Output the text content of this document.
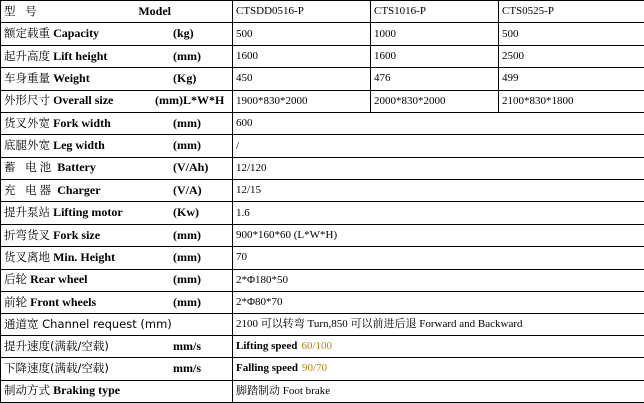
型 号 Model	CTSDD0516-P	CTS1016-P	CTS0525-P

额定载重 Capacity (kg)	500	1000	500

起升高度 Lift height (mm)	1600	1600	2500

车身重量 Weight (Kg)	450	476	499

外形尺寸 Overall size (mm)L*W*H	1900*830*2000	2000*830*2000	2100*830*1800

货叉外宽 Fork width (mm)	600		

底腿外宽 Leg width (mm)	/		

蓄 电池 Battery (V/Ah)	12/120		

充 电器 Charger (V/A)	12/15		

提升泵站 Lifting motor (Kw)	1.6		

折弯货叉 Fork size (mm)	900*160*60 (L*W*H)		

货叉离地 Min. Height (mm)	70		

后轮 Rear wheel (mm)	2*Φ180*50		

前轮 Front wheels (mm)	2*Φ80*70		

通道宽 Channel request (mm)	2100 可以转弯 Turn,850 可以前进后退 Forward and Backward		

提升速度(满载/空载) mm/s	Lifting speed 60/100		

下降速度(满载/空载) mm/s	Falling speed 90/70		

制动方式 Braking type	脚踏制动 Foot brake		
